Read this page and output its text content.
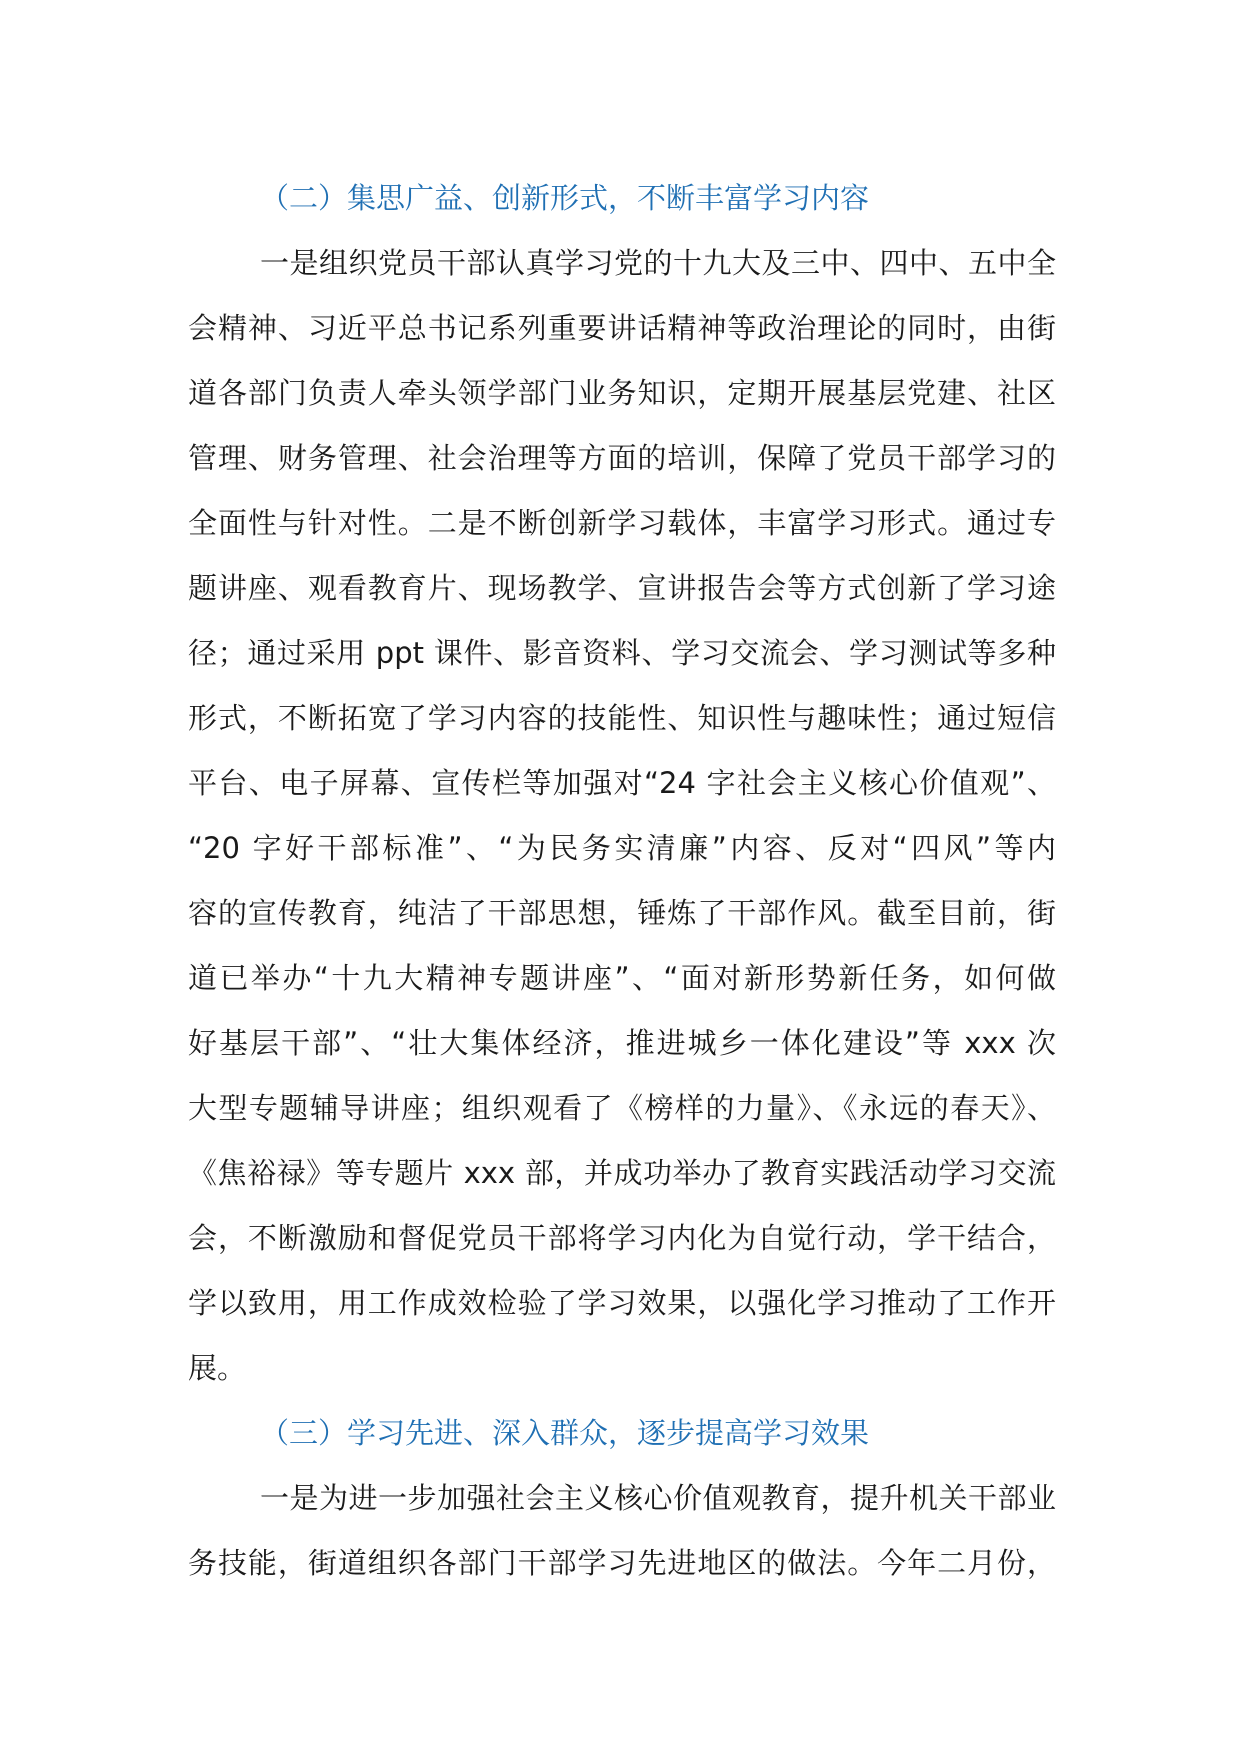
（二）集思广益、创新形式，不断丰富学习内容
一是组织党员干部认真学习党的十九大及三中、四中、五中全
会精神、习近平总书记系列重要讲话精神等政治理论的同时，由街
道各部门负责人牵头领学部门业务知识，定期开展基层党建、社区
管理、财务管理、社会治理等方面的培训，保障了党员干部学习的
全面性与针对性。二是不断创新学习载体，丰富学习形式。通过专
题讲座、观看教育片、现场教学、宣讲报告会等方式创新了学习途
径；通过采用 ppt 课件、影音资料、学习交流会、学习测试等多种
形式，不断拓宽了学习内容的技能性、知识性与趣味性；通过短信
平台、电子屏幕、宣传栏等加强对“24 字社会主义核心价值观”、
“20 字好干部标准”、“为民务实清廉”内容、反对“四风”等内
容的宣传教育，纯洁了干部思想，锤炼了干部作风。截至目前，街
道已举办“十九大精神专题讲座”、“面对新形势新任务，如何做
好基层干部”、“壮大集体经济，推进城乡一体化建设”等 xxx 次
大型专题辅导讲座；组织观看了《榜样的力量》、《永远的春天》、
《焦裕禄》等专题片 xxx 部，并成功举办了教育实践活动学习交流
会，不断激励和督促党员干部将学习内化为自觉行动，学干结合，
学以致用，用工作成效检验了学习效果，以强化学习推动了工作开
展。
（三）学习先进、深入群众，逐步提高学习效果
一是为进一步加强社会主义核心价值观教育，提升机关干部业
务技能，街道组织各部门干部学习先进地区的做法。今年二月份，
